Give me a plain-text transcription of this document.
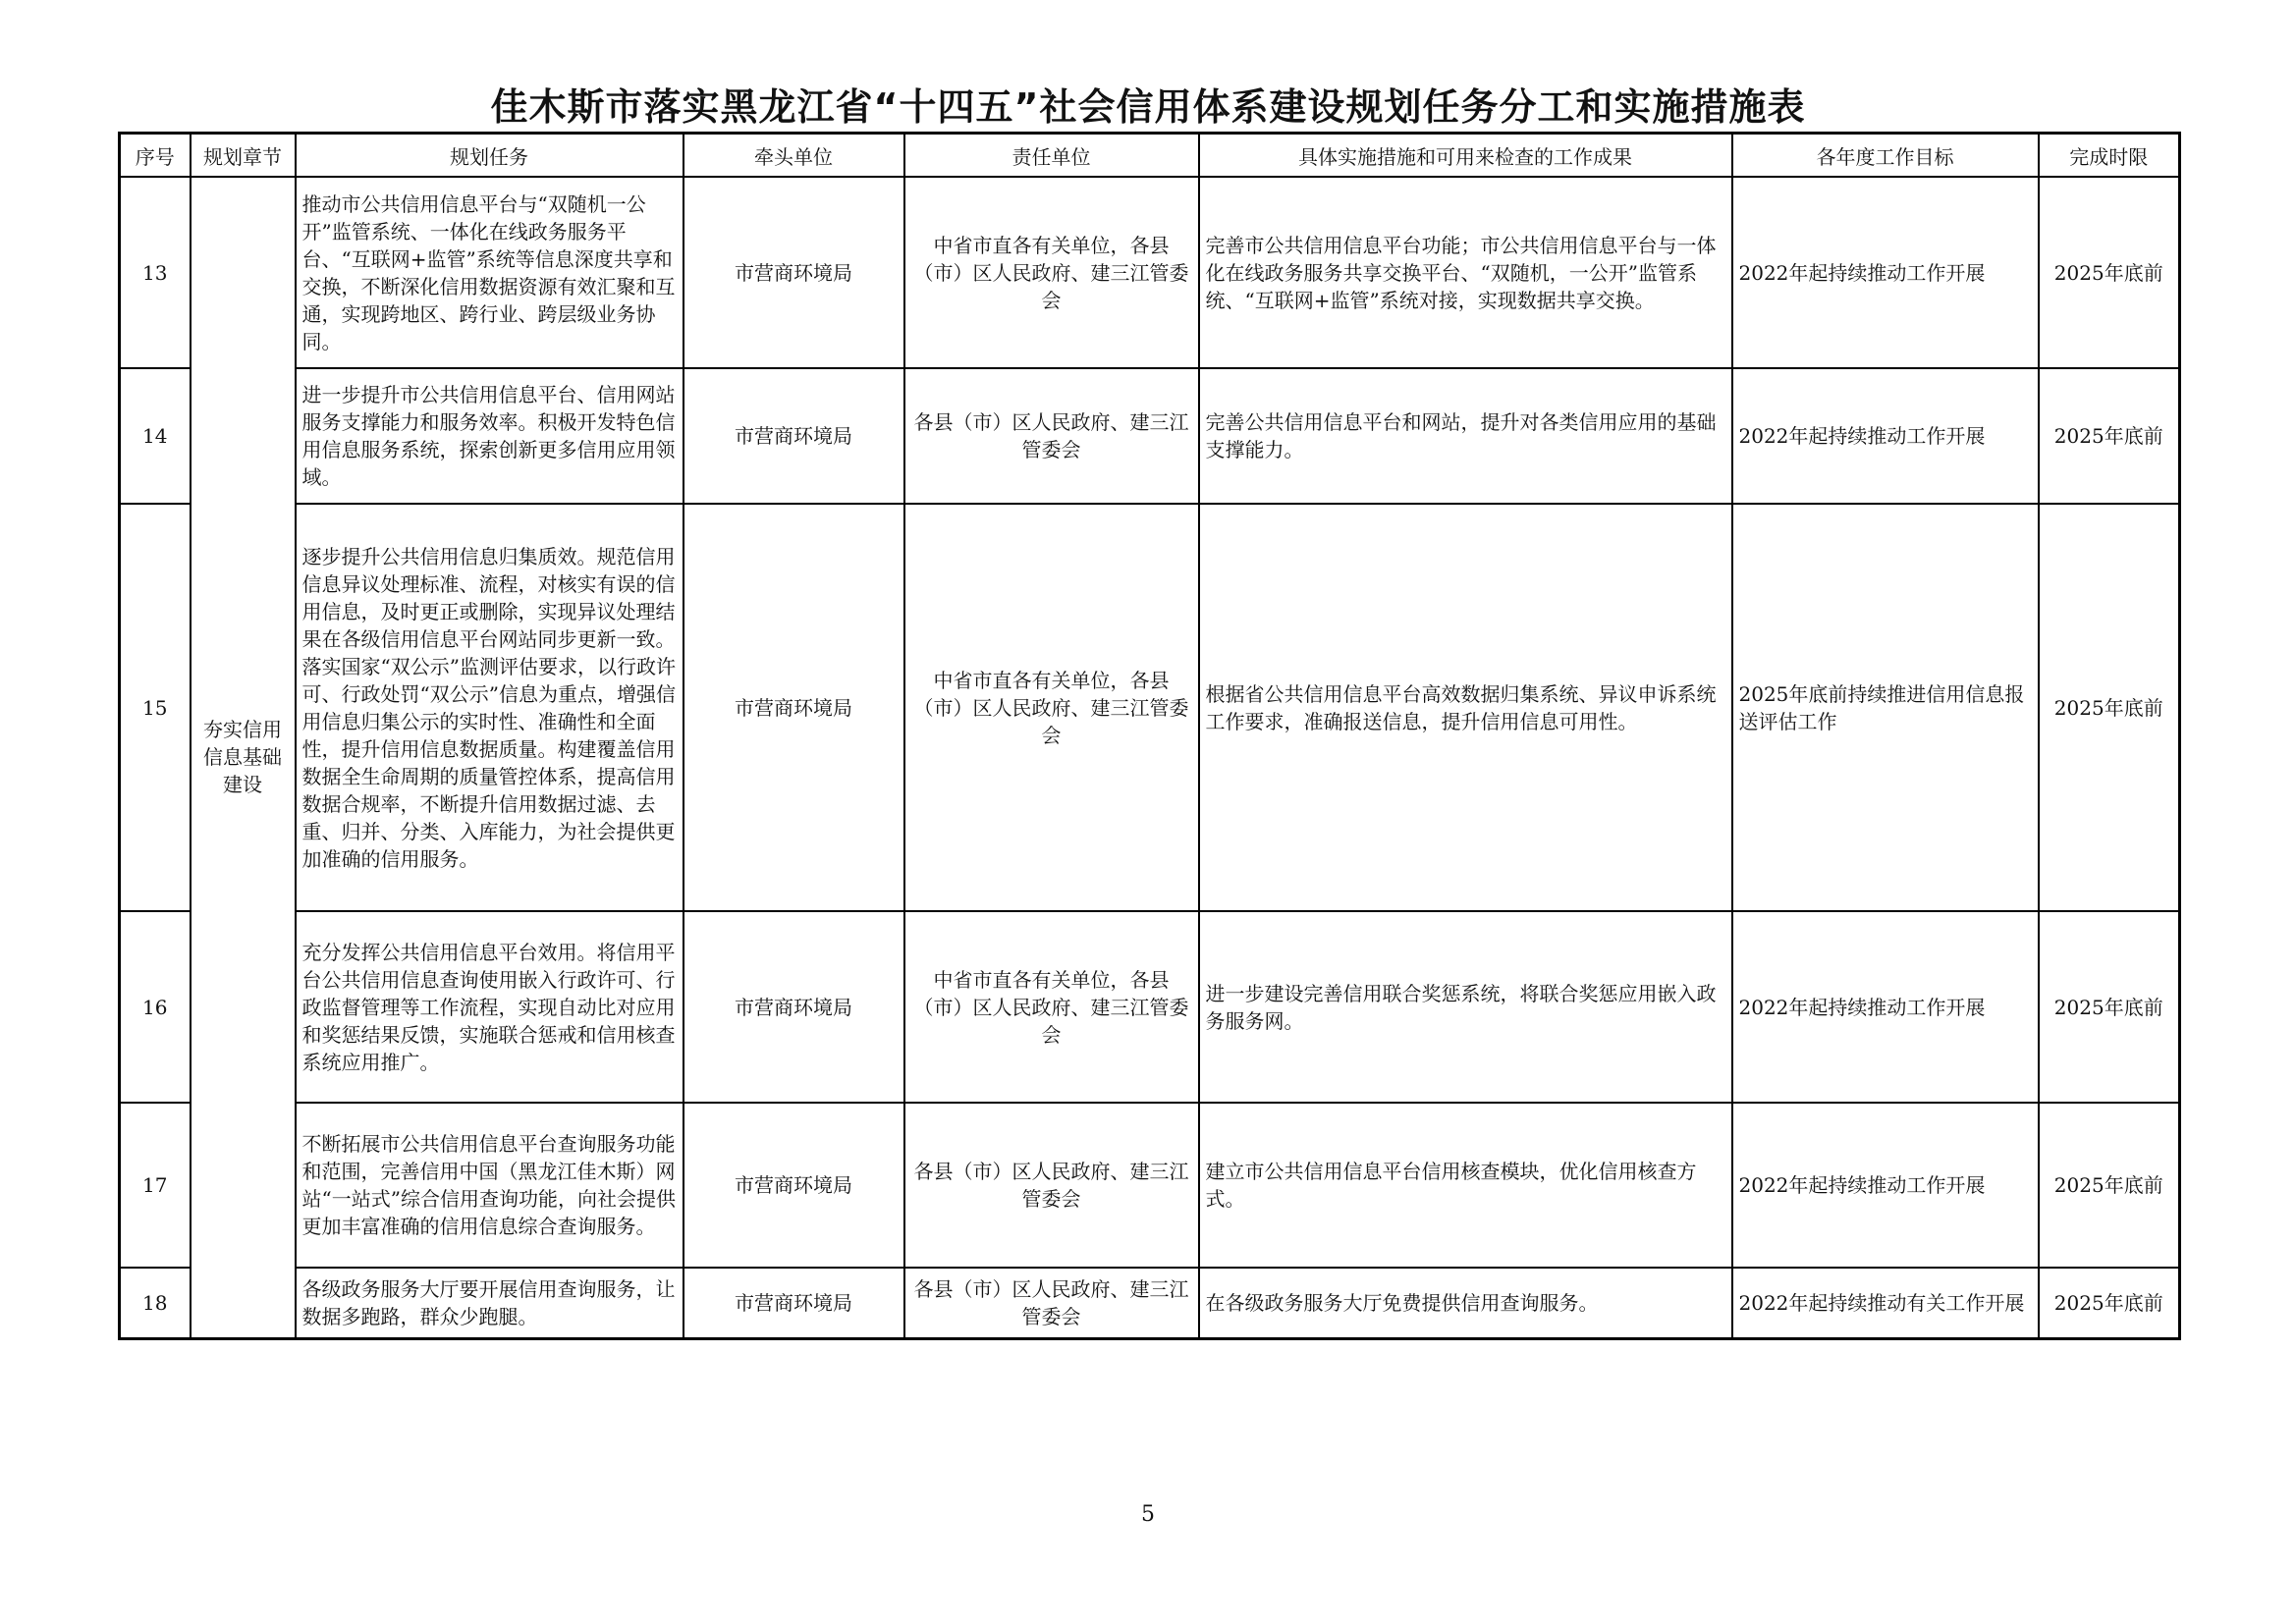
佳木斯市落实黑龙江省“十四五”社会信用体系建设规划任务分工和实施措施表
序号	规划章节	规划任务	牵头单位	责任单位	具体实施措施和可用来检查的工作成果	各年度工作目标	完成时限
13	夯实信用信息基础建设	推动市公共信用信息平台与“双随机一公开”监管系统、一体化在线政务服务平台、“互联网+监管”系统等信息深度共享和交换，不断深化信用数据资源有效汇聚和互通，实现跨地区、跨行业、跨层级业务协同。	市营商环境局	中省市直各有关单位，各县（市）区人民政府、建三江管委会	完善市公共信用信息平台功能；市公共信用信息平台与一体化在线政务服务共享交换平台、“双随机，一公开”监管系统、“互联网+监管”系统对接，实现数据共享交换。	2022年起持续推动工作开展	2025年底前
14		进一步提升市公共信用信息平台、信用网站服务支撑能力和服务效率。积极开发特色信用信息服务系统，探索创新更多信用应用领域。	市营商环境局	各县（市）区人民政府、建三江管委会	完善公共信用信息平台和网站，提升对各类信用应用的基础支撑能力。	2022年起持续推动工作开展	2025年底前
15		逐步提升公共信用信息归集质效。规范信用信息异议处理标准、流程，对核实有误的信用信息，及时更正或删除，实现异议处理结果在各级信用信息平台网站同步更新一致。落实国家“双公示”监测评估要求，以行政许可、行政处罚“双公示”信息为重点，增强信用信息归集公示的实时性、准确性和全面性，提升信用信息数据质量。构建覆盖信用数据全生命周期的质量管控体系，提高信用数据合规率，不断提升信用数据过滤、去重、归并、分类、入库能力，为社会提供更加准确的信用服务。	市营商环境局	中省市直各有关单位，各县（市）区人民政府、建三江管委会	根据省公共信用信息平台高效数据归集系统、异议申诉系统工作要求，准确报送信息，提升信用信息可用性。	2025年底前持续推进信用信息报送评估工作	2025年底前
16		充分发挥公共信用信息平台效用。将信用平台公共信用信息查询使用嵌入行政许可、行政监督管理等工作流程，实现自动比对应用和奖惩结果反馈，实施联合惩戒和信用核查系统应用推广。	市营商环境局	中省市直各有关单位，各县（市）区人民政府、建三江管委会	进一步建设完善信用联合奖惩系统，将联合奖惩应用嵌入政务服务网。	2022年起持续推动工作开展	2025年底前
17		不断拓展市公共信用信息平台查询服务功能和范围，完善信用中国（黑龙江佳木斯）网站“一站式”综合信用查询功能，向社会提供更加丰富准确的信用信息综合查询服务。	市营商环境局	各县（市）区人民政府、建三江管委会	建立市公共信用信息平台信用核查模块，优化信用核查方式。	2022年起持续推动工作开展	2025年底前
18		各级政务服务大厅要开展信用查询服务，让数据多跑路，群众少跑腿。	市营商环境局	各县（市）区人民政府、建三江管委会	在各级政务服务大厅免费提供信用查询服务。	2022年起持续推动有关工作开展	2025年底前
5
